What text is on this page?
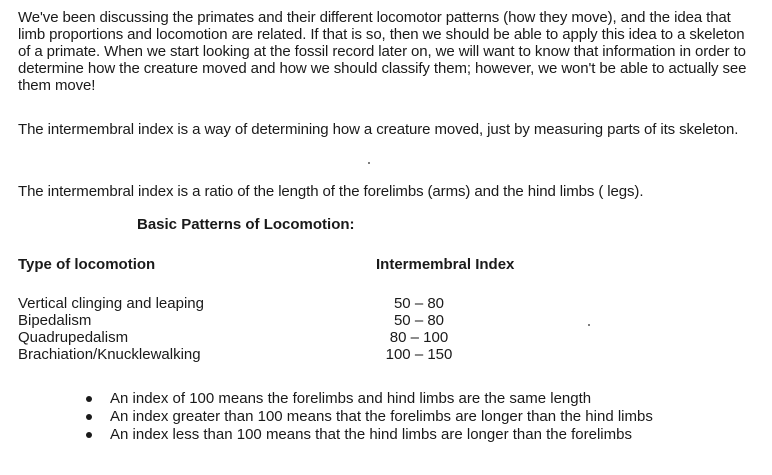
We've been discussing the primates and their different locomotor patterns (how they move), and the idea that limb proportions and locomotion are related. If that is so, then we should be able to apply this idea to a skeleton of a primate. When we start looking at the fossil record later on, we will want to know that information in order to determine how the creature moved and how we should classify them; however, we won't be able to actually see them move!

The intermembral index is a way of determining how a creature moved, just by measuring parts of its skeleton.

The intermembral index is a ratio of the length of the forelimbs (arms) and the hind limbs ( legs).

Basic Patterns of Locomotion:

Type of locomotion	Intermembral Index

Vertical clinging and leaping	50 – 80
Bipedalism	50 – 80
Quadrupedalism	80 – 100
Brachiation/Knucklewalking	100 – 150
An index of 100 means the forelimbs and hind limbs are the same length
An index greater than 100 means that the forelimbs are longer than the hind limbs
An index less than 100 means that the hind limbs are longer than the forelimbs
